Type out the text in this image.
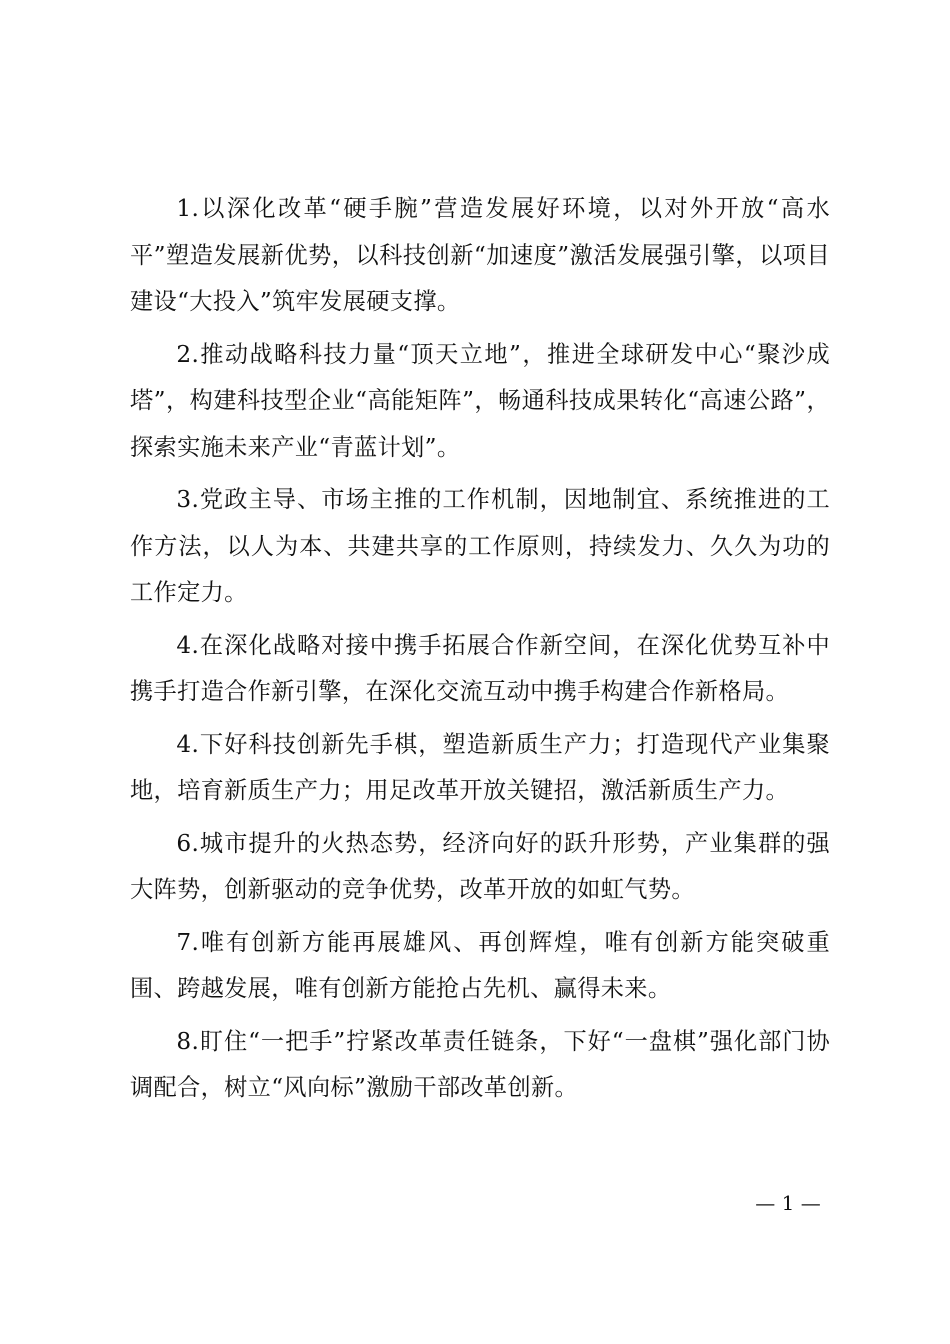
1.以深化改革“硬手腕”营造发展好环境，以对外开放“高水平”塑造发展新优势，以科技创新“加速度”激活发展强引擎，以项目建设“大投入”筑牢发展硬支撑。

2.推动战略科技力量“顶天立地”，推进全球研发中心“聚沙成塔”，构建科技型企业“高能矩阵”，畅通科技成果转化“高速公路”，探索实施未来产业“青蓝计划”。

3.党政主导、市场主推的工作机制，因地制宜、系统推进的工作方法，以人为本、共建共享的工作原则，持续发力、久久为功的工作定力。

4.在深化战略对接中携手拓展合作新空间，在深化优势互补中携手打造合作新引擎，在深化交流互动中携手构建合作新格局。

4.下好科技创新先手棋，塑造新质生产力；打造现代产业集聚地，培育新质生产力；用足改革开放关键招，激活新质生产力。

6.城市提升的火热态势，经济向好的跃升形势，产业集群的强大阵势，创新驱动的竞争优势，改革开放的如虹气势。

7.唯有创新方能再展雄风、再创辉煌，唯有创新方能突破重围、跨越发展，唯有创新方能抢占先机、赢得未来。

8.盯住“一把手”拧紧改革责任链条，下好“一盘棋”强化部门协调配合，树立“风向标”激励干部改革创新。

— 1 —
